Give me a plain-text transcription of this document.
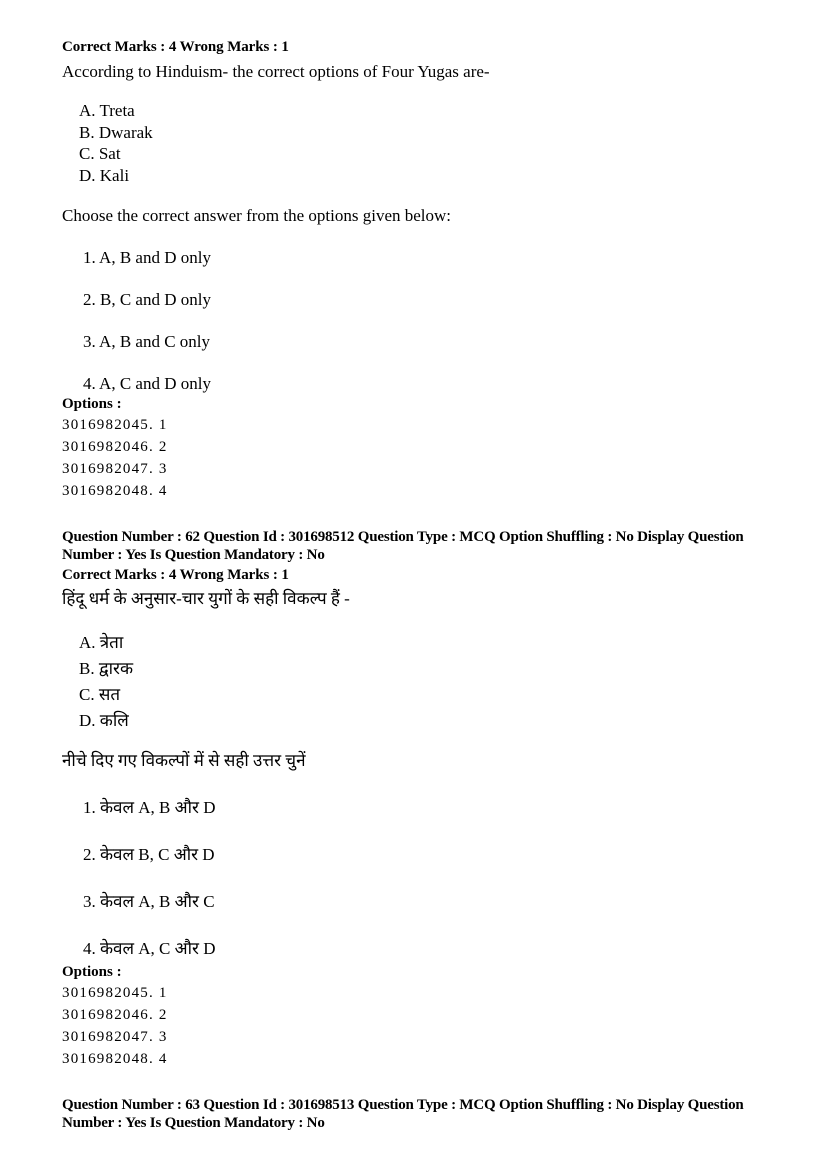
Correct Marks : 4 Wrong Marks : 1

According to Hinduism- the correct options of Four Yugas are-

A. Treta
B. Dwarak
C. Sat
D. Kali

Choose the correct answer from the options given below:

1. A, B and D only
2. B, C and D only
3. A, B and C only
4. A, C and D only

Options :

3016982045. 1
3016982046. 2
3016982047. 3
3016982048. 4

Question Number : 62 Question Id : 301698512 Question Type : MCQ Option Shuffling : No Display Question

Number : Yes Is Question Mandatory : No

Correct Marks : 4 Wrong Marks : 1

हिंदू धर्म के अनुसार-चार युगों के सही विकल्प हैं -

A. त्रेता
B. द्वारक
C. सत
D. कलि

नीचे दिए गए विकल्पों में से सही उत्तर चुनें

1. केवल A, B और D
2. केवल B, C और D
3. केवल A, B और C
4. केवल A, C और D

Options :

3016982045. 1
3016982046. 2
3016982047. 3
3016982048. 4

Question Number : 63 Question Id : 301698513 Question Type : MCQ Option Shuffling : No Display Question

Number : Yes Is Question Mandatory : No
